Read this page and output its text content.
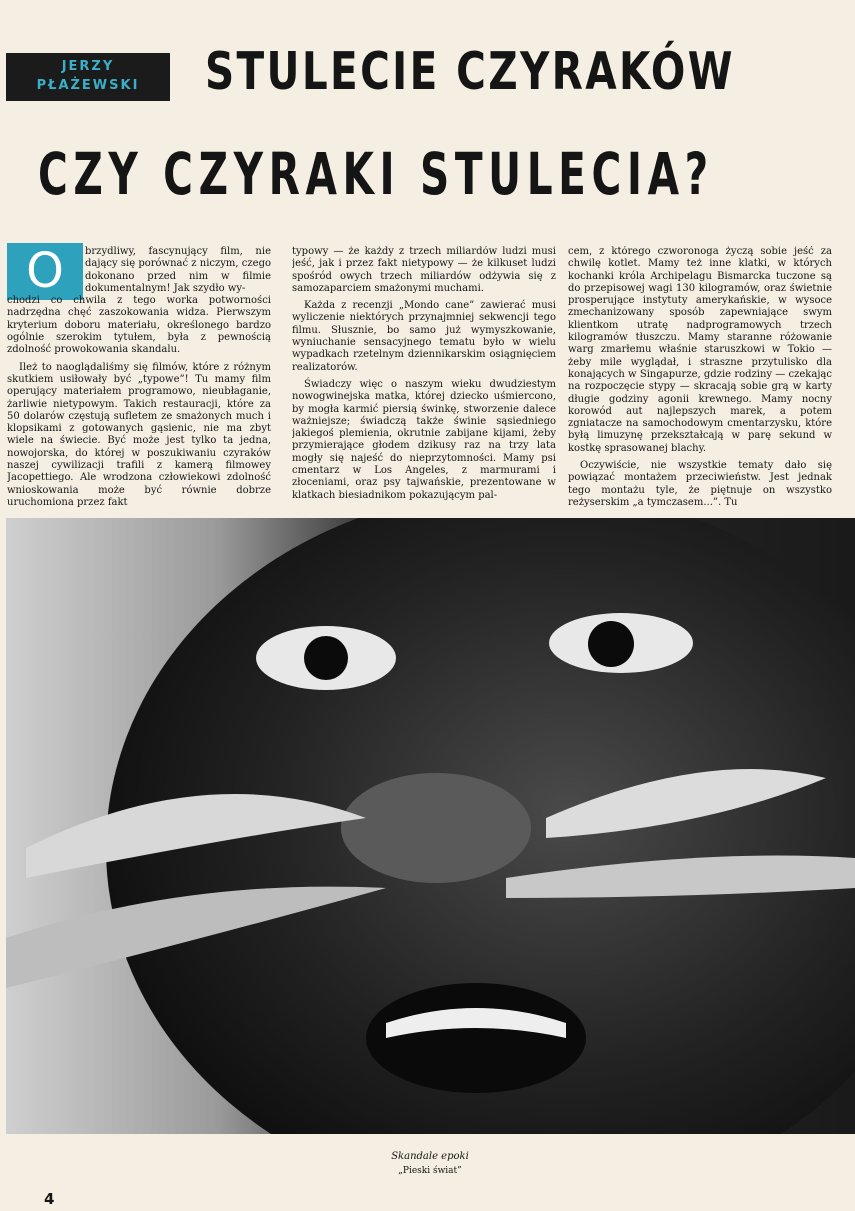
JERZY
PŁAŻEWSKI	STULECIE CZYRAKÓW
CZY CZYRAKI STULECIA?
O	brzydliwy, fascynujący film, nie dający się porównać z niczym, czego dokonano przed nim w filmie dokumentalnym! Jak szydło wy-

chodzi co chwila z tego worka potworności nadrzędna chęć zaszokowania widza. Pierwszym kryterium doboru materiału, określonego bardzo ogólnie szerokim tytułem, była z pewnością zdolność prowokowania skandalu.

Ileż to naoglądaliśmy się filmów, które z różnym skutkiem usiłowały być „typowe”! Tu mamy film operujący materiałem programowo, nieubłaganie, żarliwie nietypowym. Takich restauracji, które za 50 dolarów częstują sufletem ze smażonych much i klopsikami z gotowanych gąsienic, nie ma zbyt wiele na świecie. Być może jest tylko ta jedna, nowojorska, do której w poszukiwaniu czyraków naszej cywilizacji trafili z kamerą filmowey Jacopettiego. Ale wrodzona człowiekowi zdolność wnioskowania może być równie dobrze uruchomiona przez fakt

typowy — że każdy z trzech miliardów ludzi musi jeść, jak i przez fakt nietypowy — że kilkuset ludzi spośród owych trzech miliardów odżywia się z samozaparciem smażonymi muchami.

Każda z recenzji „Mondo cane” zawierać musi wyliczenie niektórych przynajmniej sekwencji tego filmu. Słusznie, bo samo już wymyszkowanie, wyniuchanie sensacyjnego tematu było w wielu wypadkach rzetelnym dziennikarskim osiągnięciem realizatorów.

Świadczy więc o naszym wieku dwudziestym nowogwinejska matka, której dziecko uśmiercono, by mogła karmić piersią świnkę, stworzenie dalece ważniejsze; świadczą także świnie sąsiedniego jakiegoś plemienia, okrutnie zabijane kijami, żeby przymierające głodem dzikusy raz na trzy lata mogły się najeść do nieprzytomności. Mamy psi cmentarz w Los Angeles, z marmurami i złoceniami, oraz psy tajwańskie, prezentowane w klatkach biesiadnikom pokazującym pal-

cem, z którego czworonoga życzą sobie jeść za chwilę kotlet. Mamy też inne klatki, w których kochanki króla Archipelagu Bismarcka tuczone są do przepisowej wagi 130 kilogramów, oraz świetnie prosperujące instytuty amerykańskie, w wysoce zmechanizowany sposób zapewniające swym klientkom utratę nadprogramowych trzech kilogramów tłuszczu. Mamy staranne różowanie warg zmarłemu właśnie staruszkowi w Tokio — żeby mile wyglądał, i straszne przytulisko dla konających w Singapurze, gdzie rodziny — czekając na rozpoczęcie stypy — skracają sobie grą w karty długie godziny agonii krewnego. Mamy nocny korowód aut najlepszych marek, a potem zgniatacze na samochodowym cmentarzysku, które byłą limuzynę przekształcają w parę sekund w kostkę sprasowanej blachy.

Oczywiście, nie wszystkie tematy dało się powiązać montażem przeciwieństw. Jest jednak tego montażu tyle, że piętnuje on wszystko reżyserskim „a tymczasem...”. Tu

Skandale epoki
„Pieski świat”
4
